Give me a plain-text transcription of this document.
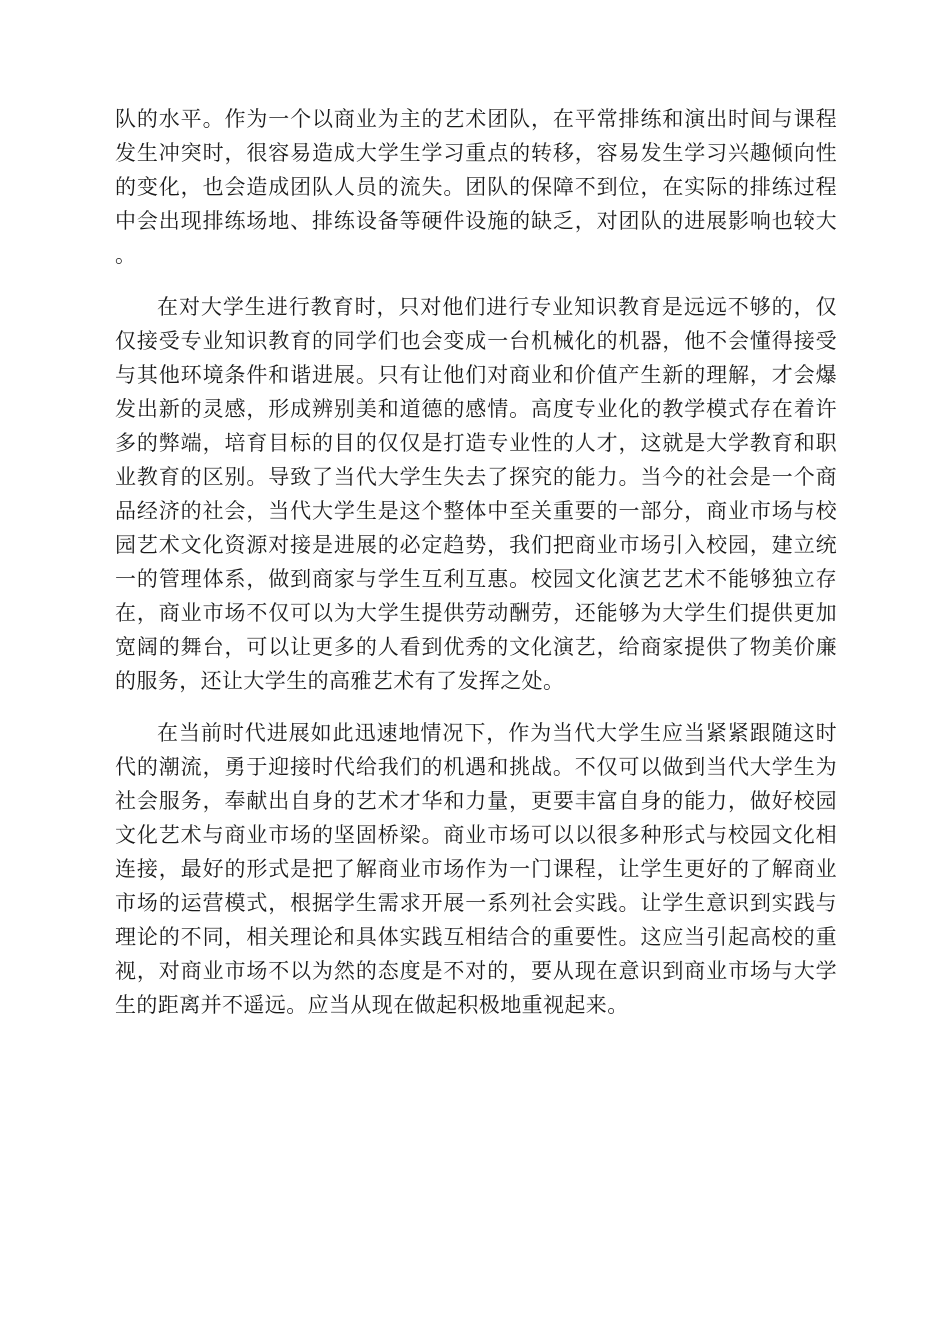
队的水平。作为一个以商业为主的艺术团队，在平常排练和演出时间与课程发生冲突时，很容易造成大学生学习重点的转移，容易发生学习兴趣倾向性的变化，也会造成团队人员的流失。团队的保障不到位，在实际的排练过程中会出现排练场地、排练设备等硬件设施的缺乏，对团队的进展影响也较大。

在对大学生进行教育时，只对他们进行专业知识教育是远远不够的，仅仅接受专业知识教育的同学们也会变成一台机械化的机器，他不会懂得接受与其他环境条件和谐进展。只有让他们对商业和价值产生新的理解，才会爆发出新的灵感，形成辨别美和道德的感情。高度专业化的教学模式存在着许多的弊端，培育目标的目的仅仅是打造专业性的人才，这就是大学教育和职业教育的区别。导致了当代大学生失去了探究的能力。当今的社会是一个商品经济的社会，当代大学生是这个整体中至关重要的一部分，商业市场与校园艺术文化资源对接是进展的必定趋势，我们把商业市场引入校园，建立统一的管理体系，做到商家与学生互利互惠。校园文化演艺艺术不能够独立存在，商业市场不仅可以为大学生提供劳动酬劳，还能够为大学生们提供更加宽阔的舞台，可以让更多的人看到优秀的文化演艺，给商家提供了物美价廉的服务，还让大学生的高雅艺术有了发挥之处。

在当前时代进展如此迅速地情况下，作为当代大学生应当紧紧跟随这时代的潮流，勇于迎接时代给我们的机遇和挑战。不仅可以做到当代大学生为社会服务，奉献出自身的艺术才华和力量，更要丰富自身的能力，做好校园文化艺术与商业市场的坚固桥梁。商业市场可以以很多种形式与校园文化相连接，最好的形式是把了解商业市场作为一门课程，让学生更好的了解商业市场的运营模式，根据学生需求开展一系列社会实践。让学生意识到实践与理论的不同，相关理论和具体实践互相结合的重要性。这应当引起高校的重视，对商业市场不以为然的态度是不对的，要从现在意识到商业市场与大学生的距离并不遥远。应当从现在做起积极地重视起来。
